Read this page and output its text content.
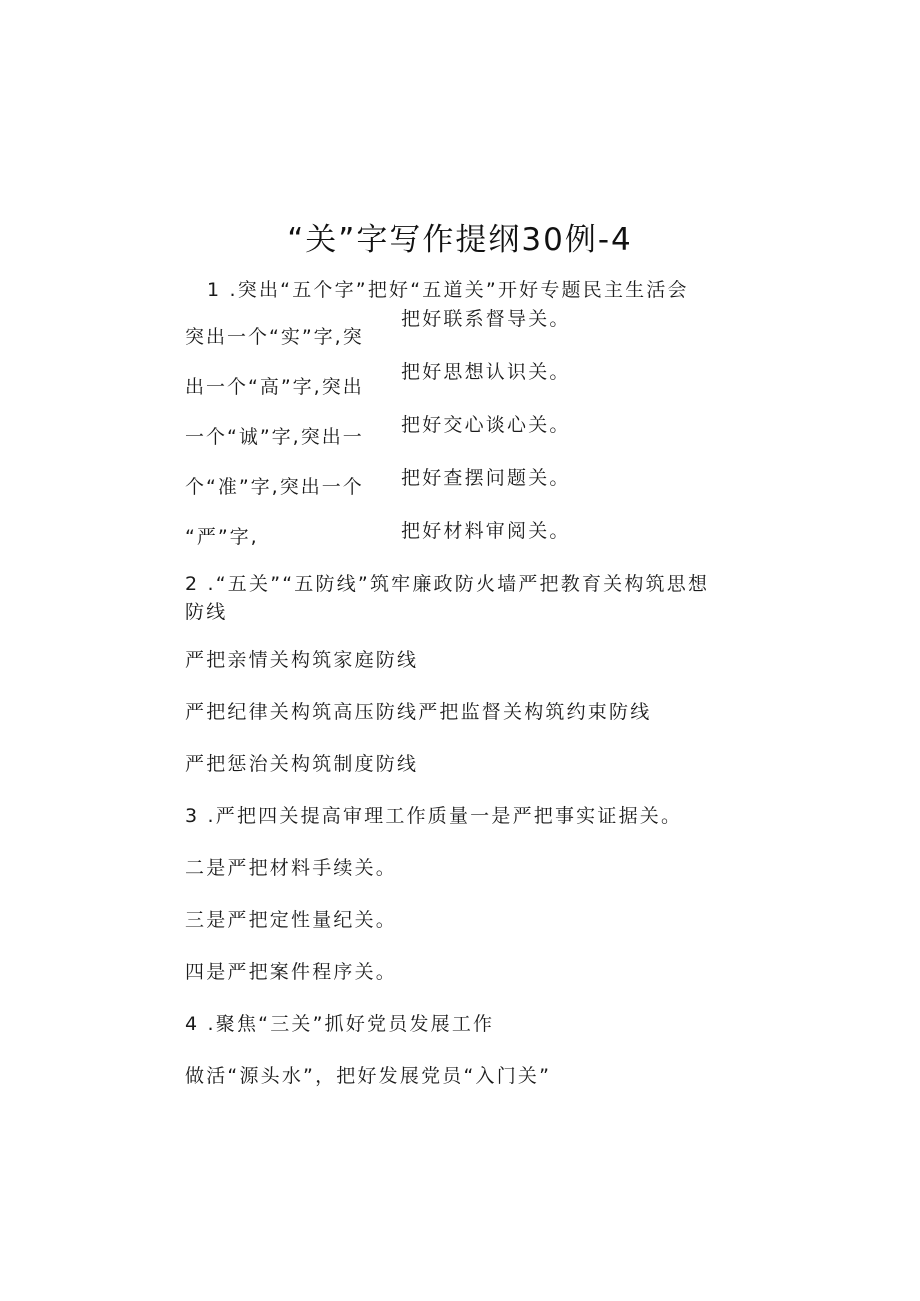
“关”字写作提纲30例-4
1 .突出“五个字”把好“五道关”开好专题民主生活会
突出一个“实”字,突
出一个“高”字,突出
一个“诚”字,突出一
个“准”字,突出一个
“严”字,
把好联系督导关。
把好思想认识关。
把好交心谈心关。
把好查摆问题关。
把好材料审阅关。
2 .“五关”“五防线”筑牢廉政防火墙严把教育关构筑思想
防线
严把亲情关构筑家庭防线
严把纪律关构筑高压防线严把监督关构筑约束防线
严把惩治关构筑制度防线
3 .严把四关提高审理工作质量一是严把事实证据关。
二是严把材料手续关。
三是严把定性量纪关。
四是严把案件程序关。
4 .聚焦“三关”抓好党员发展工作
做活“源头水”，把好发展党员“入门关”
